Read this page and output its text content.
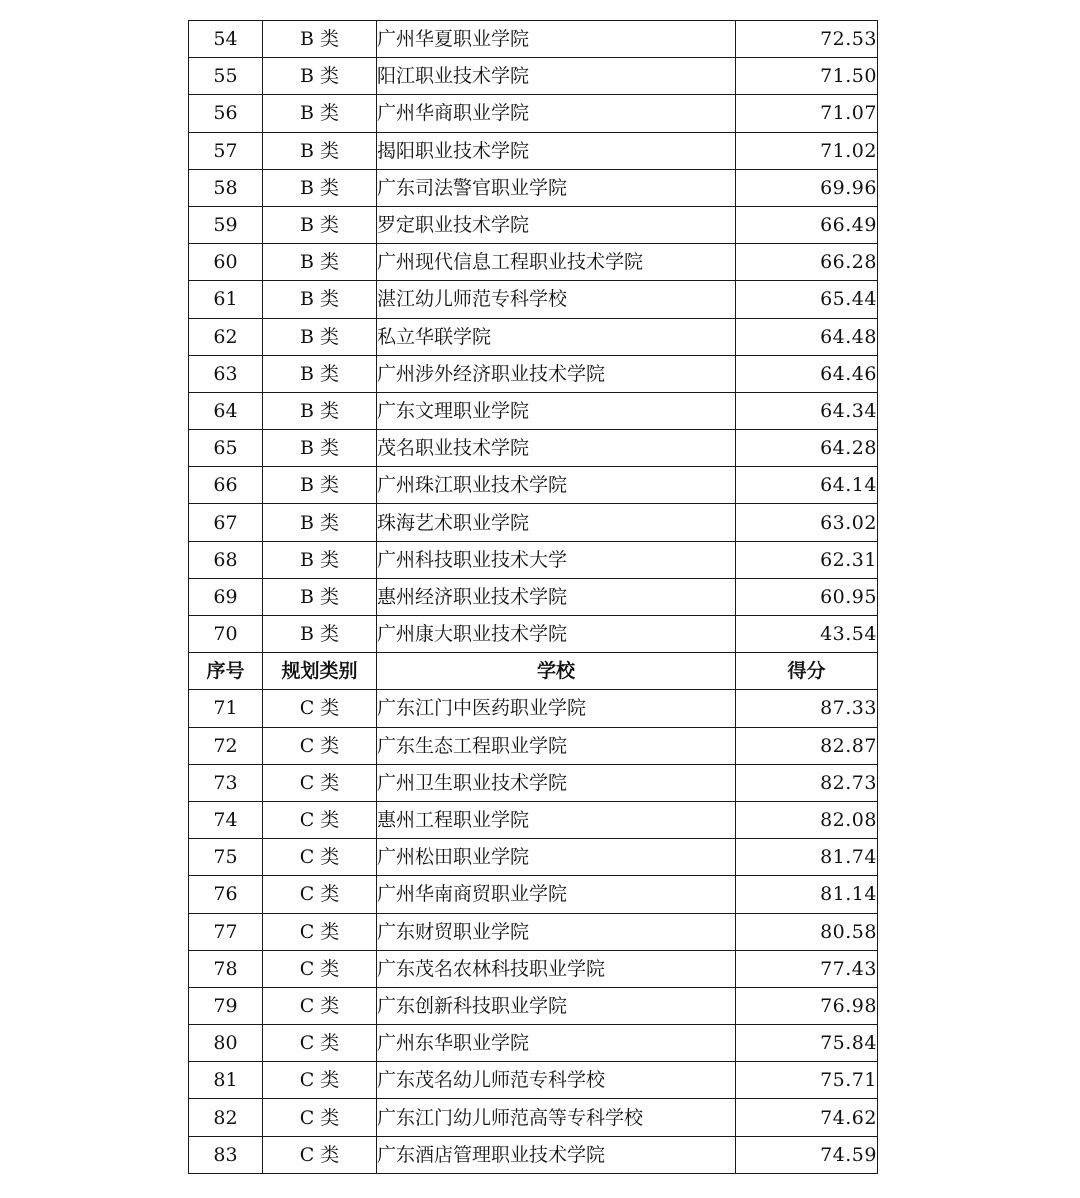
54	B 类	广州华夏职业学院	72.53
55	B 类	阳江职业技术学院	71.50
56	B 类	广州华商职业学院	71.07
57	B 类	揭阳职业技术学院	71.02
58	B 类	广东司法警官职业学院	69.96
59	B 类	罗定职业技术学院	66.49
60	B 类	广州现代信息工程职业技术学院	66.28
61	B 类	湛江幼儿师范专科学校	65.44
62	B 类	私立华联学院	64.48
63	B 类	广州涉外经济职业技术学院	64.46
64	B 类	广东文理职业学院	64.34
65	B 类	茂名职业技术学院	64.28
66	B 类	广州珠江职业技术学院	64.14
67	B 类	珠海艺术职业学院	63.02
68	B 类	广州科技职业技术大学	62.31
69	B 类	惠州经济职业技术学院	60.95
70	B 类	广州康大职业技术学院	43.54
序号	规划类别	学校	得分
71	C 类	广东江门中医药职业学院	87.33
72	C 类	广东生态工程职业学院	82.87
73	C 类	广州卫生职业技术学院	82.73
74	C 类	惠州工程职业学院	82.08
75	C 类	广州松田职业学院	81.74
76	C 类	广州华南商贸职业学院	81.14
77	C 类	广东财贸职业学院	80.58
78	C 类	广东茂名农林科技职业学院	77.43
79	C 类	广东创新科技职业学院	76.98
80	C 类	广州东华职业学院	75.84
81	C 类	广东茂名幼儿师范专科学校	75.71
82	C 类	广东江门幼儿师范高等专科学校	74.62
83	C 类	广东酒店管理职业技术学院	74.59
